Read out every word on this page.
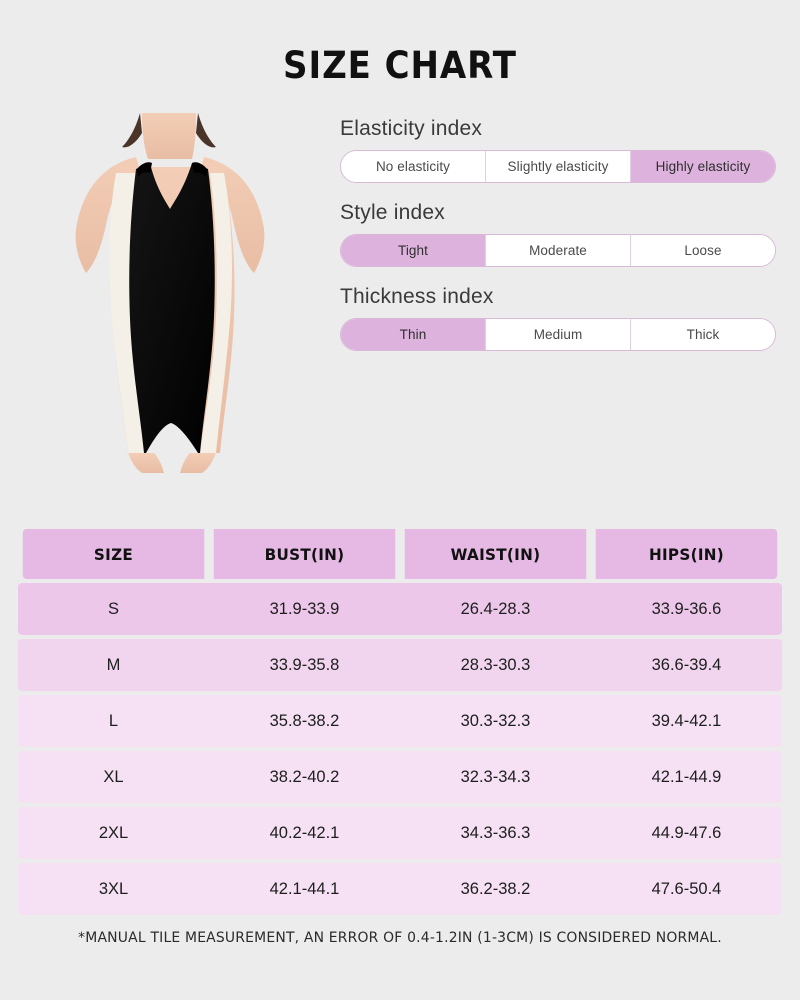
SIZE CHART
Elasticity index
No elasticity	Slightly elasticity	Highly elasticity
Style index
Tight	Moderate	Loose
Thickness index
Thin	Medium	Thick
SIZE	BUST(IN)	WAIST(IN)	HIPS(IN)
S	31.9-33.9	26.4-28.3	33.9-36.6
M	33.9-35.8	28.3-30.3	36.6-39.4
L	35.8-38.2	30.3-32.3	39.4-42.1
XL	38.2-40.2	32.3-34.3	42.1-44.9
2XL	40.2-42.1	34.3-36.3	44.9-47.6
3XL	42.1-44.1	36.2-38.2	47.6-50.4
*MANUAL TILE MEASUREMENT, AN ERROR OF 0.4-1.2IN (1-3CM) IS CONSIDERED NORMAL.
